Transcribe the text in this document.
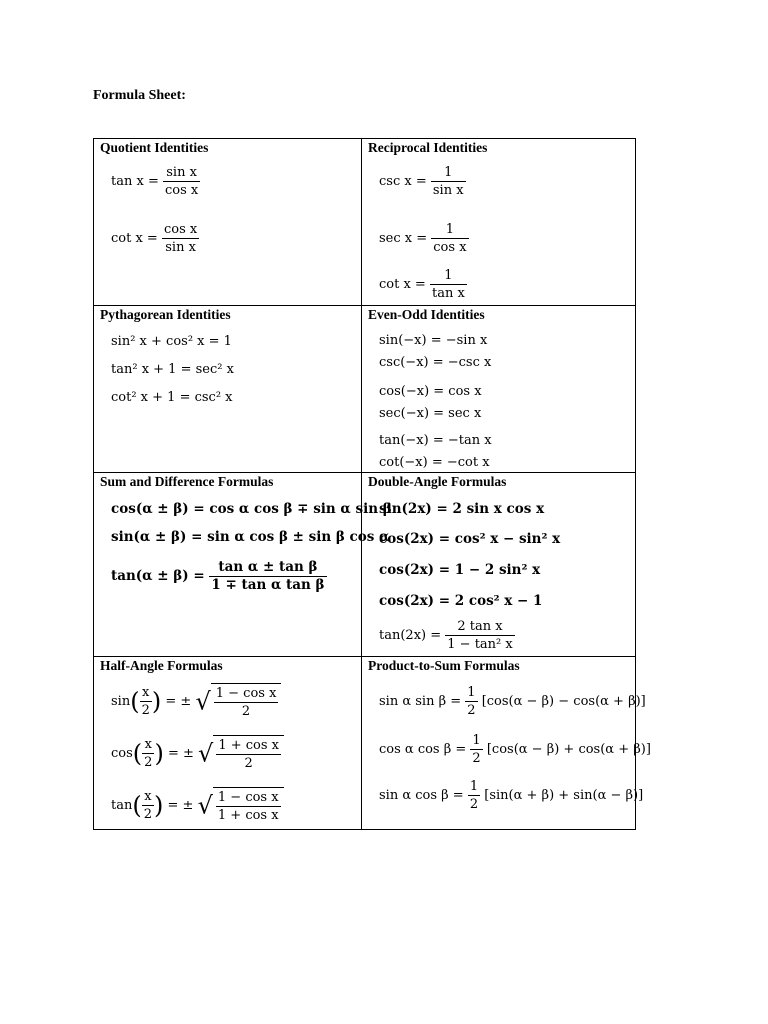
Formula Sheet:
Quotient Identities
$\tan x = \frac{\text{sin x}}{\text{cos x}}$
$\cot x = \frac{\text{cos x}}{\text{sin x}}$
Reciprocal Identities
$\csc x = \frac{1}{\text{sin x}}$
$\sec x = \frac{1}{\text{cos x}}$
$\cot x = \frac{1}{\text{tan x}}$
Pythagorean Identities
sin² x + cos² x = 1
tan² x + 1 = sec² x
cot² x + 1 = csc² x
Even-Odd Identities
sin(−x) = −sin x
csc(−x) = −csc x
cos(−x) = cos x
sec(−x) = sec x
tan(−x) = −tan x
cot(−x) = −cot x
Sum and Difference Formulas
cos(α ± β) = cos α cos β ∓ sin α sin β
sin(α ± β) = sin α cos β ± sin β cos α
$\tan(\alpha \pm \beta) = \frac{\text{tan α ± tan β}}{\text{1 ∓ tan α tan β}}$
Double-Angle Formulas
sin(2x) = 2 sin x cos x
cos(2x) = cos² x − sin² x
cos(2x) = 1 − 2 sin² x
cos(2x) = 2 cos² x − 1
$\tan(2x) = \frac{\text{2 tan x}}{\text{1 − tan² x}}$
Half-Angle Formulas
$\sin( \frac{x}{2}$ ) = ± √ $\frac{\text{1 − cos x}}{2}$
$\cos( \frac{x}{2}$ ) = ± √ $\frac{\text{1 + cos x}}{2}$
$\tan( \frac{x}{2}$ ) = ± √ $\frac{\text{1 − cos x}}{\text{1 + cos x}}$
Product-to-Sum Formulas
sin α $\sin \beta = \frac{1}{2} [\cos(\alpha - \beta) - \cos(\alpha + \beta)]$
cos α $\cos \beta = \frac{1}{2} [\cos(\alpha - \beta) + \cos(\alpha + \beta)]$
sin α $\cos \beta = \frac{1}{2} [\sin(\alpha + \beta) + \sin(\alpha - \beta)]$
